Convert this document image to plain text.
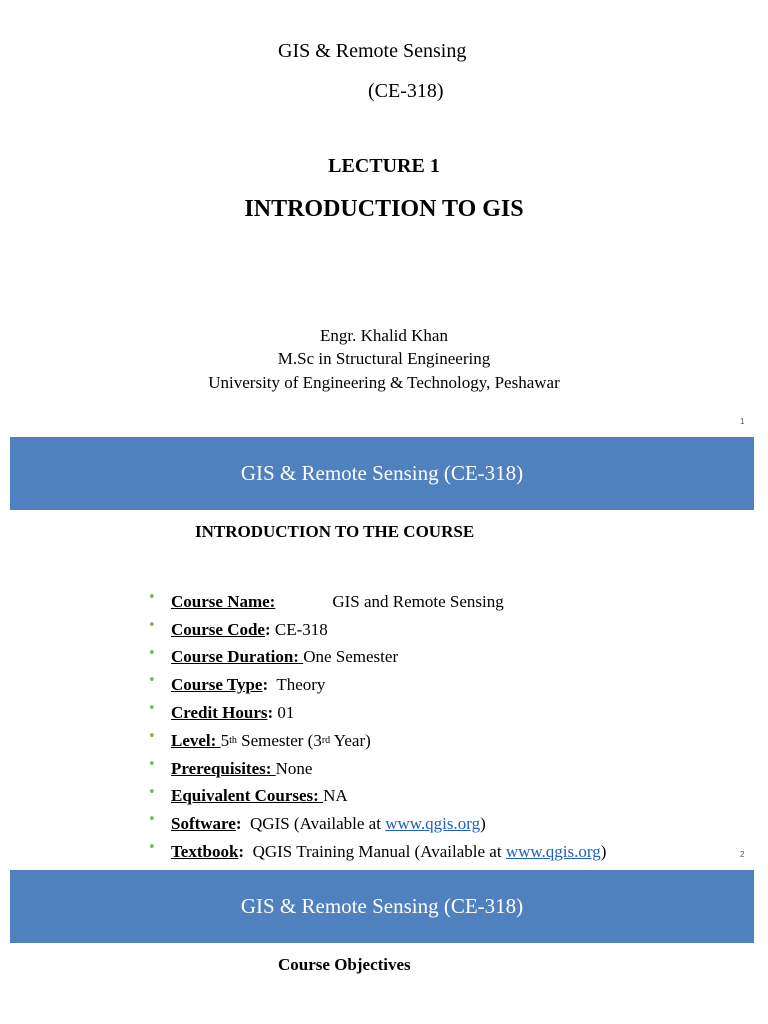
GIS & Remote Sensing
(CE-318)
LECTURE 1
INTRODUCTION TO GIS
Engr. Khalid Khan
M.Sc in Structural Engineering
University of Engineering & Technology, Peshawar
1
GIS & Remote Sensing (CE-318)
INTRODUCTION TO THE COURSE
• Course Name:	GIS and Remote Sensing
• Course Code : CE-318
• Course Duration: One Semester
• Course Type : Theory
• Credit Hours : 01
• Level: 5 th Semester (3 rd Year)
• Prerequisites: None
• Equivalent Courses: NA
• Software : QGIS (Available at www.qgis.org )
• Textbook : QGIS Training Manual (Available at www.qgis.org )	2
GIS & Remote Sensing (CE-318)
Course Objectives
